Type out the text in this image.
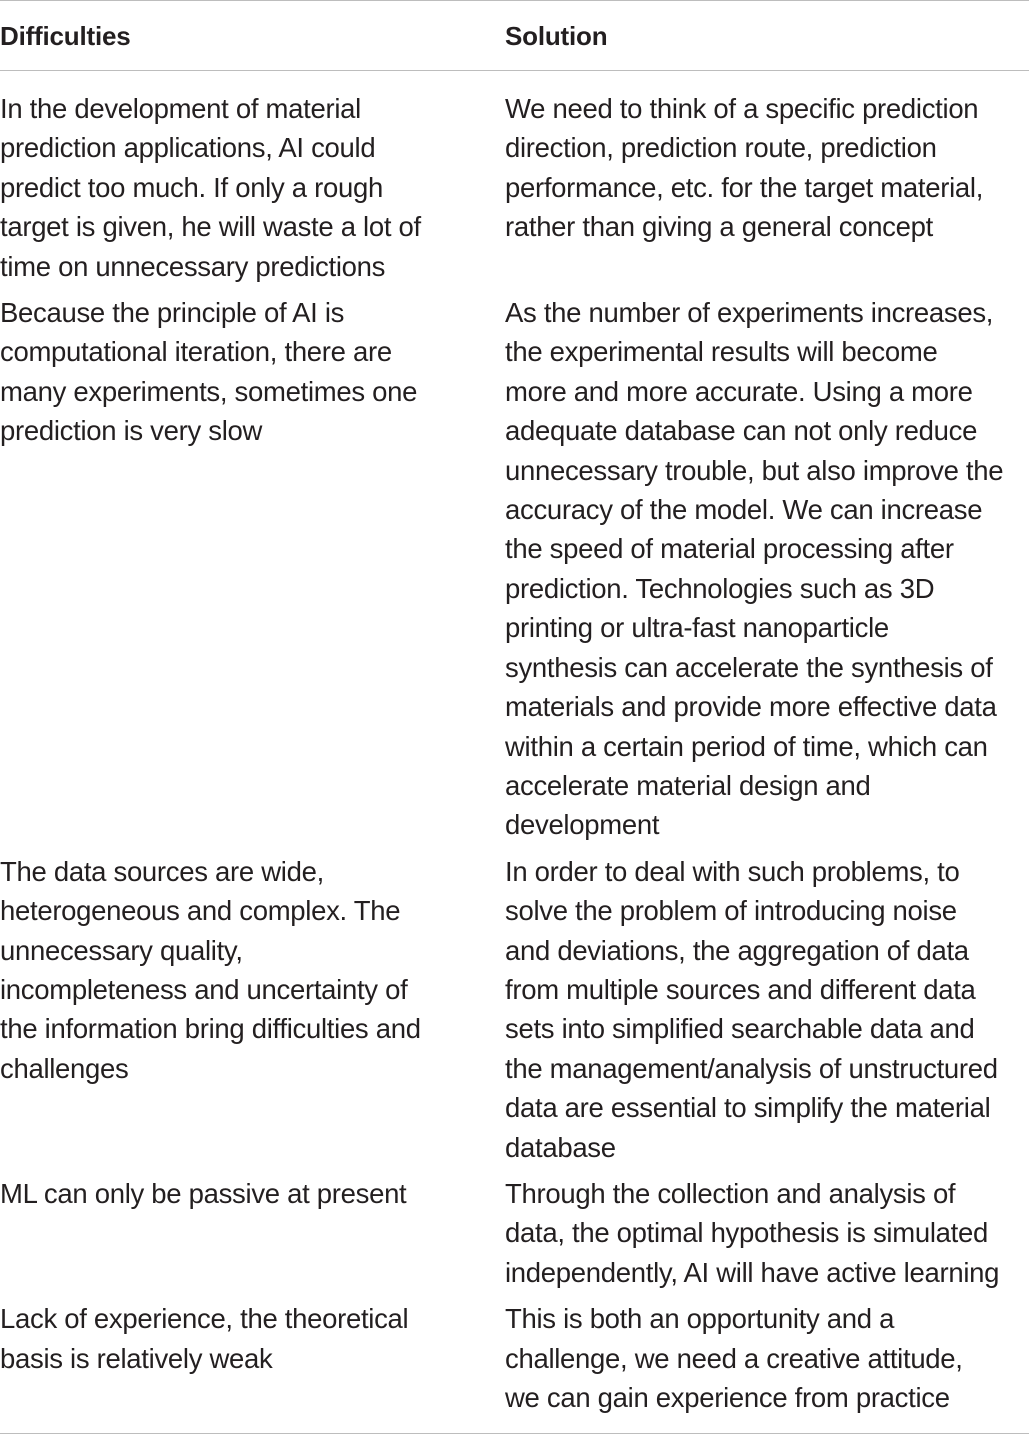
Difficulties	Solution
In the development of material
prediction applications, AI could
predict too much. If only a rough
target is given, he will waste a lot of
time on unnecessary predictions
We need to think of a specific prediction
direction, prediction route, prediction
performance, etc. for the target material,
rather than giving a general concept
Because the principle of AI is
computational iteration, there are
many experiments, sometimes one
prediction is very slow
As the number of experiments increases,
the experimental results will become
more and more accurate. Using a more
adequate database can not only reduce
unnecessary trouble, but also improve the
accuracy of the model. We can increase
the speed of material processing after
prediction. Technologies such as 3D
printing or ultra-fast nanoparticle
synthesis can accelerate the synthesis of
materials and provide more effective data
within a certain period of time, which can
accelerate material design and
development
The data sources are wide,
heterogeneous and complex. The
unnecessary quality,
incompleteness and uncertainty of
the information bring difficulties and
challenges
In order to deal with such problems, to
solve the problem of introducing noise
and deviations, the aggregation of data
from multiple sources and different data
sets into simplified searchable data and
the management/analysis of unstructured
data are essential to simplify the material
database
ML can only be passive at present	Through the collection and analysis of
data, the optimal hypothesis is simulated
independently, AI will have active learning
Lack of experience, the theoretical
basis is relatively weak
This is both an opportunity and a
challenge, we need a creative attitude,
we can gain experience from practice
